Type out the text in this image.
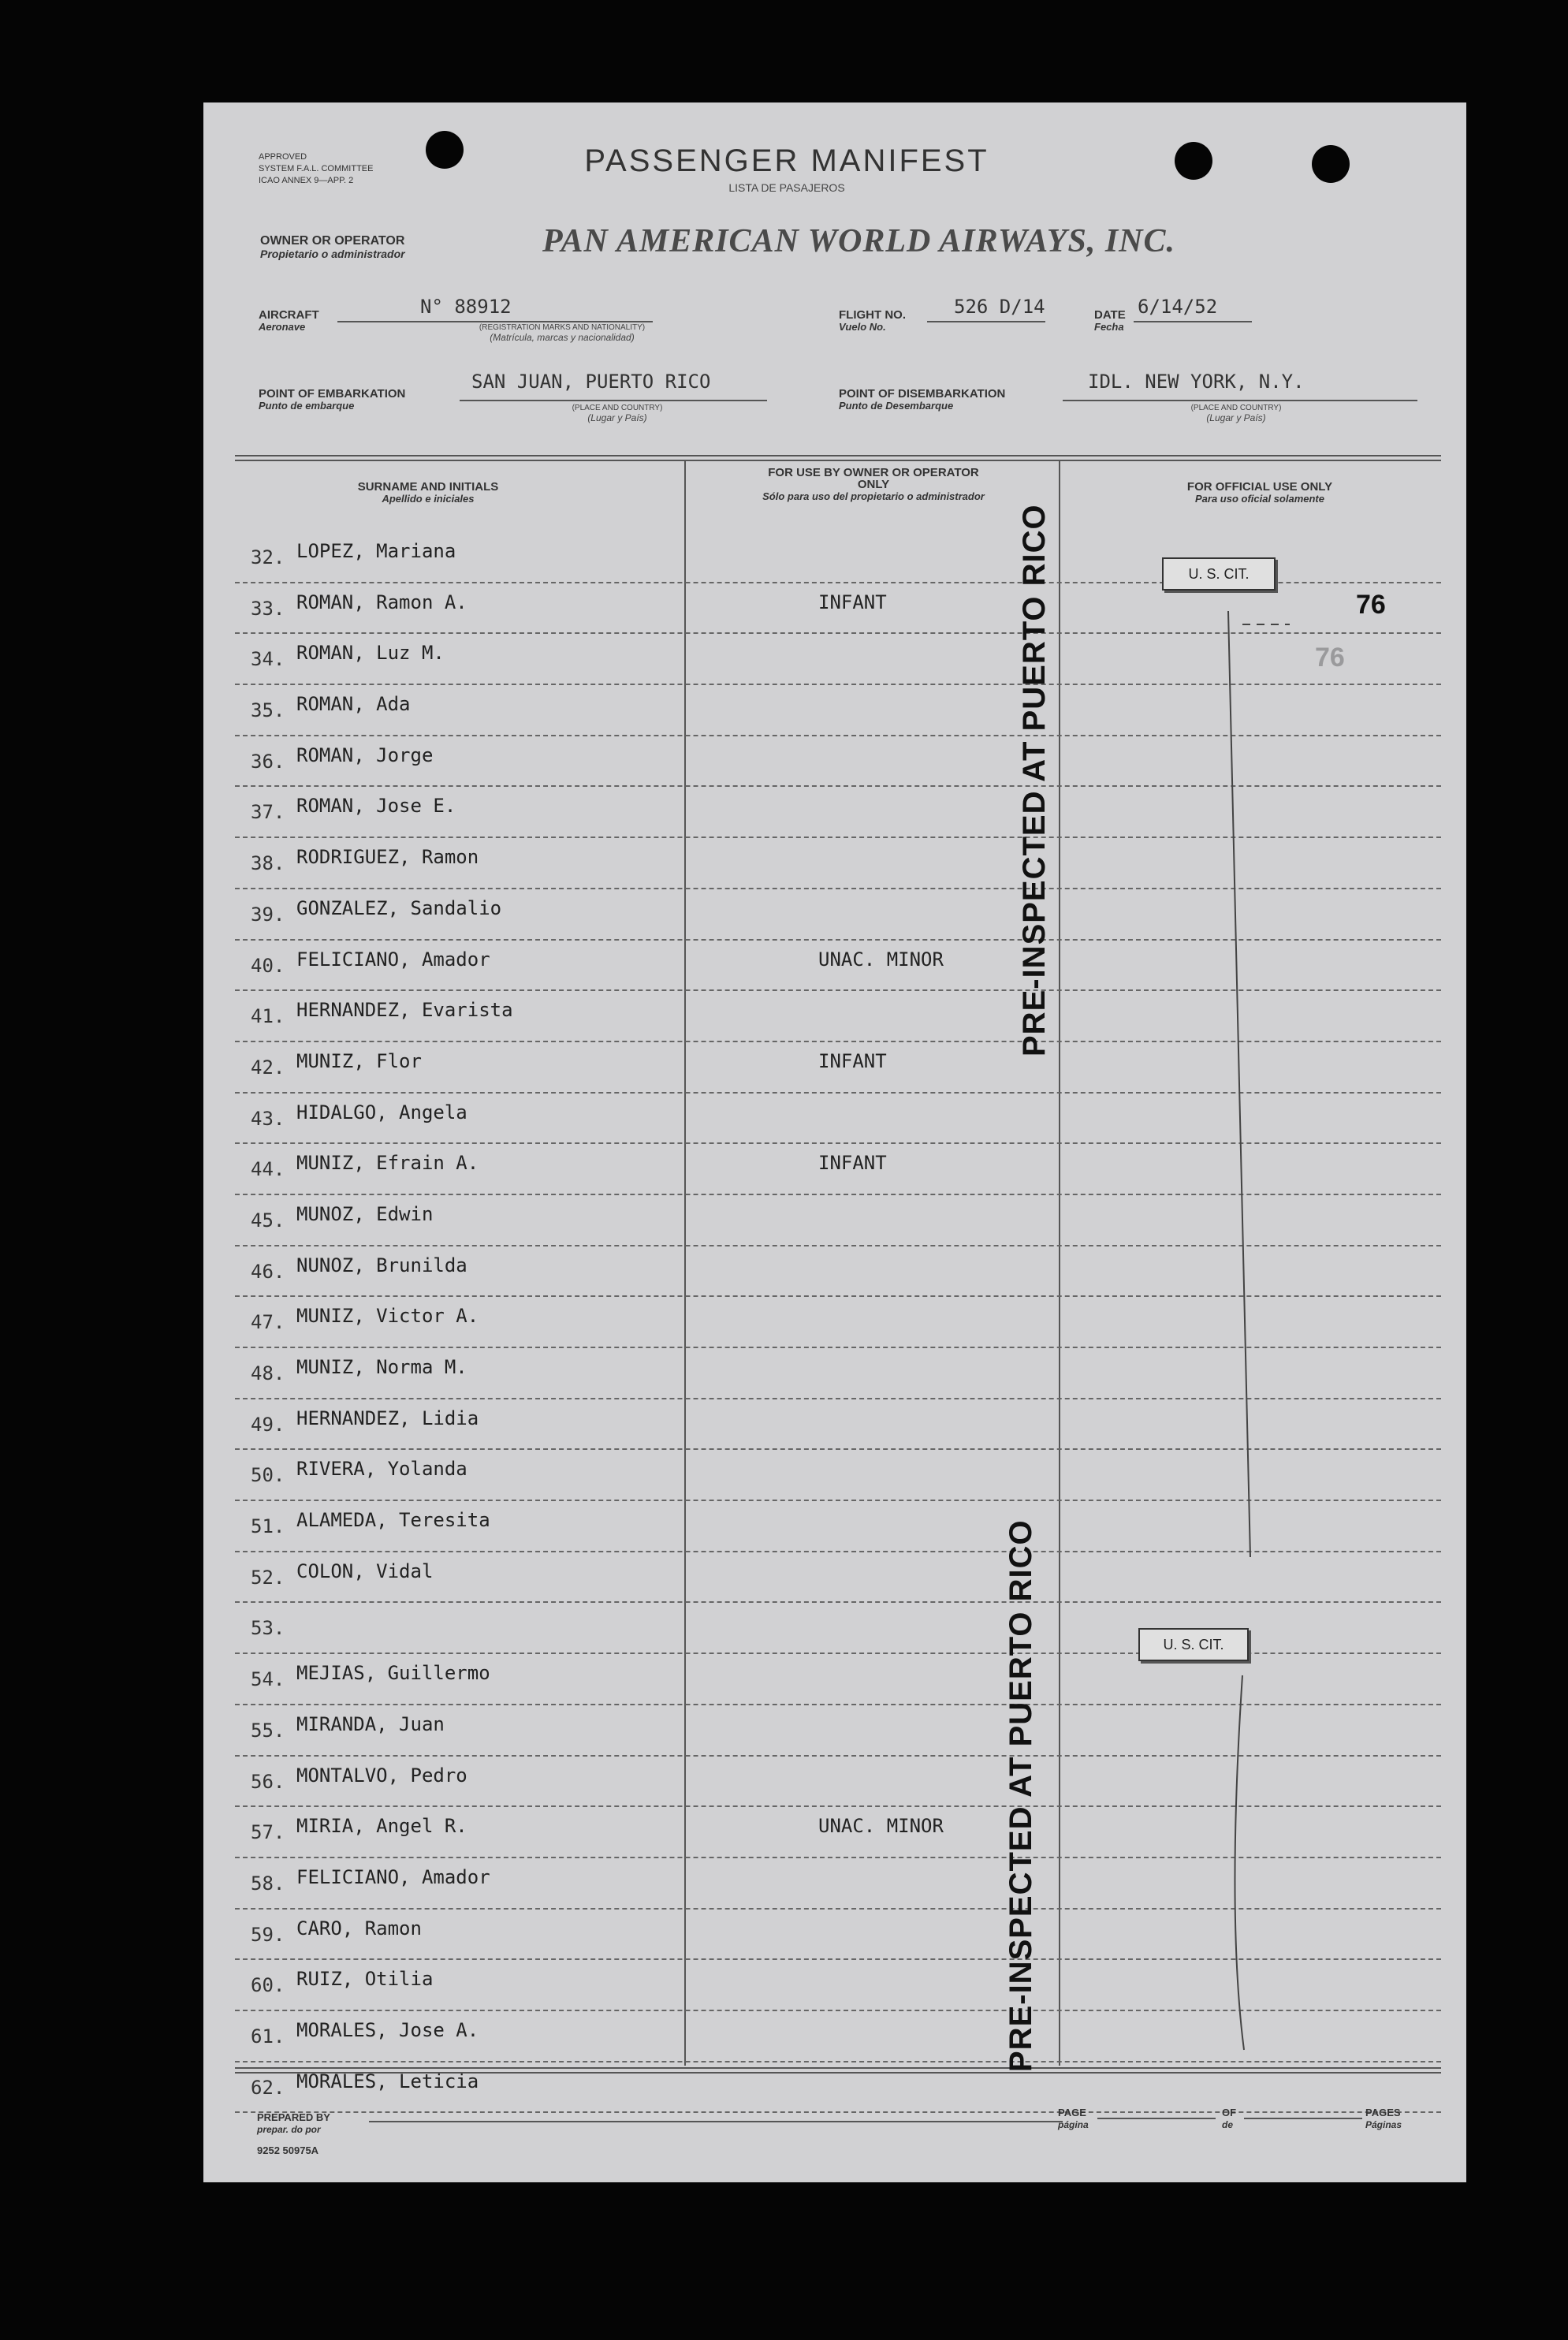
APPROVED
SYSTEM F.A.L. COMMITTEE
ICAO ANNEX 9—APP. 2
PASSENGER MANIFEST
LISTA DE PASAJEROS
OWNER OR OPERATOR
Propietario o administrador	PAN AMERICAN WORLD AIRWAYS, INC.
AIRCRAFT
Aeronave
N° 88912
(REGISTRATION MARKS AND NATIONALITY)
(Matrícula, marcas y nacionalidad)
FLIGHT NO.
Vuelo No.
526 D/14	DATE
Fecha
6/14/52
POINT OF EMBARKATION
Punto de embarque
SAN JUAN, PUERTO RICO
(PLACE AND COUNTRY)
(Lugar y País)
POINT OF DISEMBARKATION
Punto de Desembarque
IDL. NEW YORK, N.Y.
(PLACE AND COUNTRY)
(Lugar y País)
SURNAME AND INITIALS
Apellido e iniciales
FOR USE BY OWNER OR OPERATOR ONLY
Sólo para uso del propietario o administrador
FOR OFFICIAL USE ONLY
Para uso oficial solamente
32. LOPEZ, Mariana
33. ROMAN, Ramon A.	INFANT
34. ROMAN, Luz M.
35. ROMAN, Ada
36. ROMAN, Jorge
37. ROMAN, Jose E.
38. RODRIGUEZ, Ramon
39. GONZALEZ, Sandalio
40. FELICIANO, Amador	UNAC. MINOR
41. HERNANDEZ, Evarista
42. MUNIZ, Flor	INFANT
43. HIDALGO, Angela
44. MUNIZ, Efrain A.	INFANT
45. MUNOZ, Edwin
46. NUNOZ, Brunilda
47. MUNIZ, Victor A.
48. MUNIZ, Norma M.
49. HERNANDEZ, Lidia
50. RIVERA, Yolanda
51. ALAMEDA, Teresita
52. COLON, Vidal
53.
54. MEJIAS, Guillermo
55. MIRANDA, Juan
56. MONTALVO, Pedro
57. MIRIA, Angel R.	UNAC. MINOR
58. FELICIANO, Amador
59. CARO, Ramon
60. RUIZ, Otilia
61. MORALES, Jose A.
62. MORALES, Leticia
PRE-INSPECTED AT PUERTO RICO
PRE-INSPECTED AT PUERTO RICO
U. S. CIT.
U. S. CIT.
76
76
PREPARED BY
prepar. do por
PAGE
página
OF
de
PAGES
Páginas
9252 50975A
